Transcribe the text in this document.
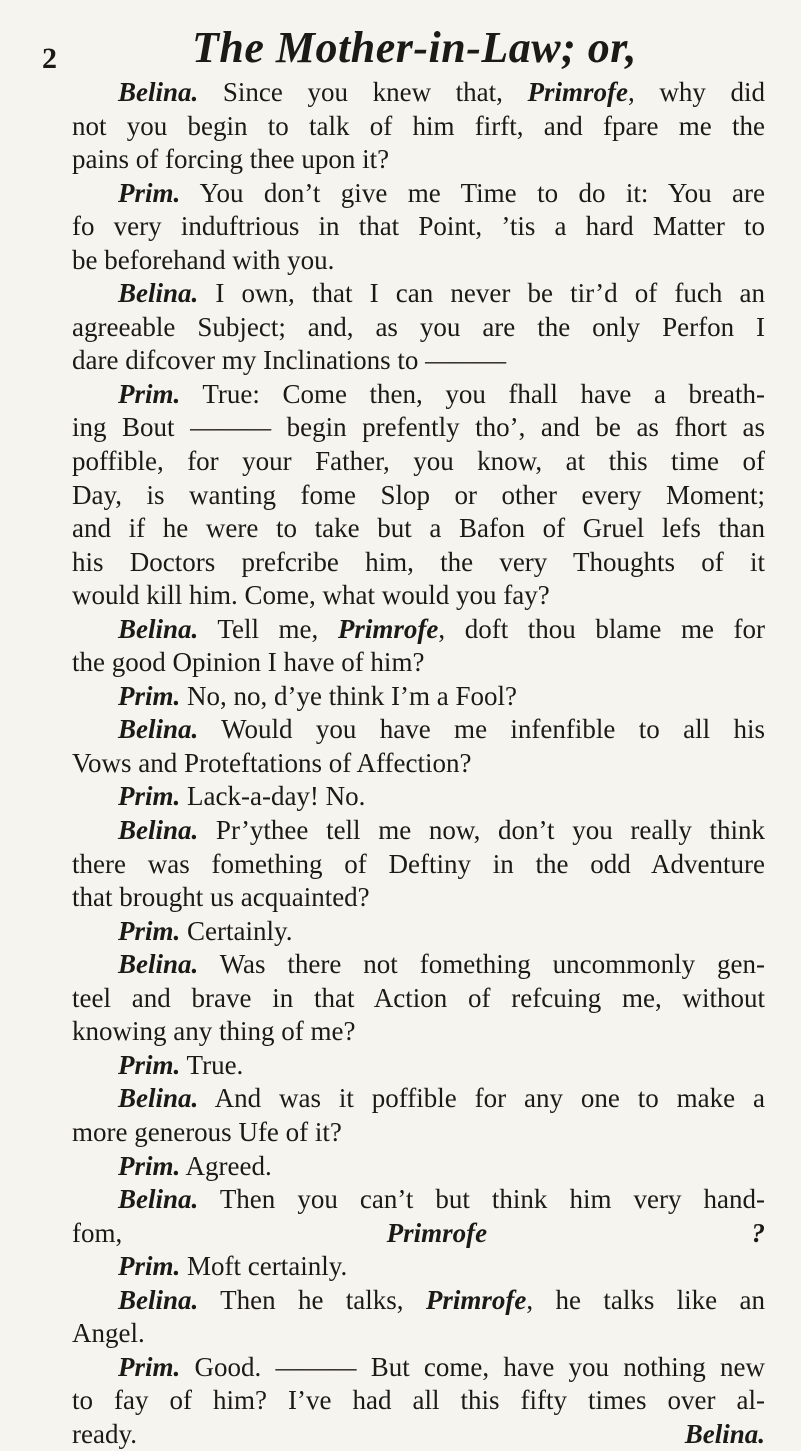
2	The Mother-in-Law; or,
Belina. Since you knew that, Primrofe, why did
not you begin to talk of him firft, and fpare me the
pains of forcing thee upon it?
Prim. You don’t give me Time to do it: You are
fo very induftrious in that Point, ’tis a hard Matter to
be beforehand with you.
Belina. I own, that I can never be tir’d of fuch an
agreeable Subject; and, as you are the only Perfon I
dare difcover my Inclinations to ———
Prim. True: Come then, you fhall have a breath-
ing Bout ——— begin prefently tho’, and be as fhort as
poffible, for your Father, you know, at this time of
Day, is wanting fome Slop or other every Moment;
and if he were to take but a Bafon of Gruel lefs than
his Doctors prefcribe him, the very Thoughts of it
would kill him. Come, what would you fay?
Belina. Tell me, Primrofe, doft thou blame me for
the good Opinion I have of him?
Prim. No, no, d’ye think I’m a Fool?
Belina. Would you have me infenfible to all his
Vows and Proteftations of Affection?
Prim. Lack-a-day! No.
Belina. Pr’ythee tell me now, don’t you really think
there was fomething of Deftiny in the odd Adventure
that brought us acquainted?
Prim. Certainly.
Belina. Was there not fomething uncommonly gen-
teel and brave in that Action of refcuing me, without
knowing any thing of me?
Prim. True.
Belina. And was it poffible for any one to make a
more generous Ufe of it?
Prim. Agreed.
Belina. Then you can’t but think him very hand-
fom, Primrofe ?
Prim. Moft certainly.
Belina. Then he talks, Primrofe, he talks like an
Angel.
Prim. Good. ——— But come, have you nothing new
to fay of him? I’ve had all this fifty times over al-
ready.	Belina.
